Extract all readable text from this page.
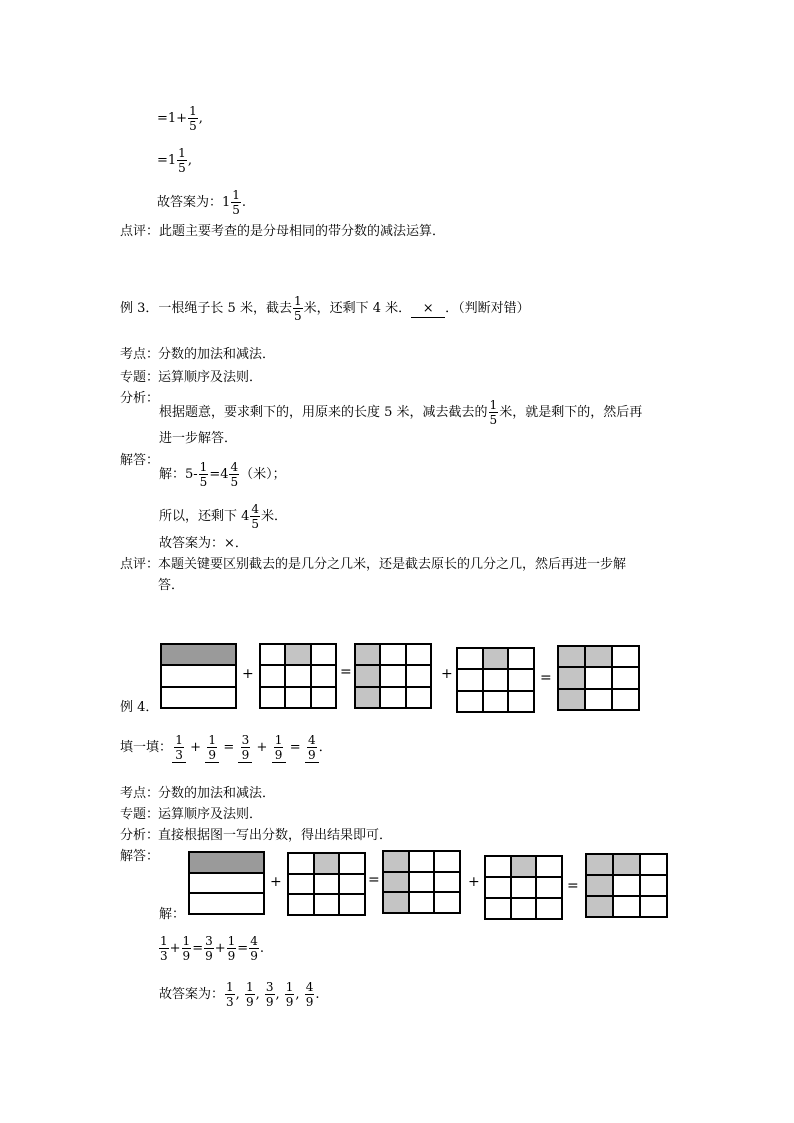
$=1+ \frac{1}{5}$ ,
$=1 \frac{1}{5}$ ,
故答案为：$1 \frac{1}{5}$ .
点评：此题主要考查的是分母相同的带分数的减法运算．
例 3．一根绳子长 5 米，截去 $\frac{1}{5}$ 米，还剩下 4 米． × ．（判断对错）
考点：分数的加法和减法．
专题：运算顺序及法则．
分析：
根据题意，要求剩下的，用原来的长度 5 米，减去截去的 $\frac{1}{5}$ 米，就是剩下的，然后再
进一步解答．
解答：
解：$5- \frac{1}{5} =4 \frac{4}{5}$ （米）；
所以，还剩下 $4 \frac{4}{5}$ 米．
故答案为：×．
点评：本题关键要区别截去的是几分之几米，还是截去原长的几分之几，然后再进一步解
答．
+	=	+	=
例 4．
填一填： $\frac{1}{3} + \frac{1}{9} = \frac{3}{9} + \frac{1}{9} = \frac{4}{9}$ ．
考点：分数的加法和减法．
专题：运算顺序及法则．
分析：直接根据图一写出分数，得出结果即可．
解答：
+	=	+	=
解：
$\frac{1}{3} + \frac{1}{9} = \frac{3}{9} + \frac{1}{9} = \frac{4}{9}$ .
故答案为： $\frac{1}{3}$ , $\frac{1}{9}$ , $\frac{3}{9}$ , $\frac{1}{9}$ , $\frac{4}{9}$ .
